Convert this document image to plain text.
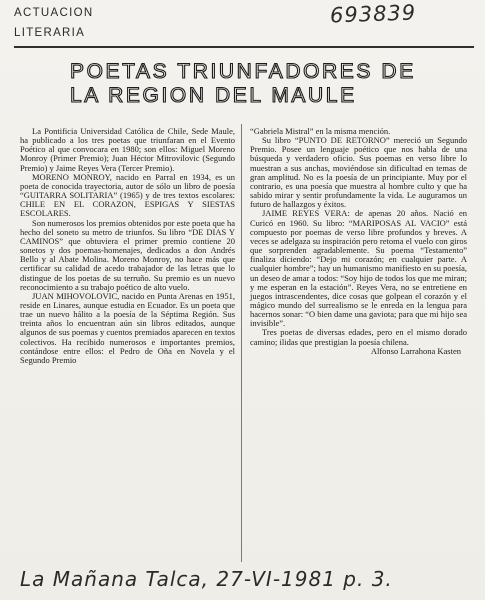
ACTUACION
LITERARIA
693839
POETAS TRIUNFADORES DE
LA REGION DEL MAULE

La Pontificia Universidad Católica de Chile, Sede Maule, ha publicado a los tres poetas que triunfaran en el Evento Poético al que convocara en 1980; son ellos: Miguel Moreno Monroy (Primer Premio); Juan Héctor Mitrovilovic (Segundo Premio) y Jaime Reyes Vera (Tercer Premio).

MORENO MONROY, nacido en Parral en 1934, es un poeta de conocida trayectoria, autor de sólo un libro de poesía “GUITARRA SOLITARIA” (1965) y de tres textos escolares: CHILE EN EL CORAZON, ESPIGAS Y SIESTAS ESCOLARES.

Son numerosos los premios obtenidos por este poeta que ha hecho del soneto su metro de triunfos. Su libro “DE DIAS Y CAMINOS” que obtuviera el primer premio contiene 20 sonetos y dos poemas-homenajes, dedicados a don Andrés Bello y al Abate Molina. Moreno Monroy, no hace más que certificar su calidad de acedo trabajador de las letras que lo distingue de los poetas de su terruño. Su premio es un nuevo reconocimiento a su trabajo poético de alto vuelo.

JUAN MIHOVOLOVIC, nacido en Punta Arenas en 1951, reside en Linares, aunque estudia en Ecuador. Es un poeta que trae un nuevo hálito a la poesía de la Séptima Región. Sus treinta años lo encuentran aún sin libros editados, aunque algunos de sus poemas y cuentos premiados aparecen en textos colectivos. Ha recibido numerosos e importantes premios, contándose entre ellos: el Pedro de Oña en Novela y el Segundo Premio

“Gabriela Mistral” en la misma mención.

Su libro “PUNTO DE RETORNO” mereció un Segundo Premio. Posee un lenguaje poético que nos habla de una búsqueda y verdadero oficio. Sus poemas en verso libre lo muestran a sus anchas, moviéndose sin dificultad en temas de gran amplitud. No es la poesía de un principiante. Muy por el contrario, es una poesía que muestra al hombre culto y que ha sabido mirar y sentir profundamente la vida. Le auguramos un futuro de hallazgos y éxitos.

JAIME REYES VERA: de apenas 20 años. Nació en Curicó en 1960. Su libro: “MARIPOSAS AL VACIO” está compuesto por poemas de verso libre profundos y breves. A veces se adelgaza su inspiración pero retoma el vuelo con giros que sorprenden agradablemente. Su poema “Testamento” finaliza diciendo: “Dejo mi corazón; en cualquier parte. A cualquier hombre”; hay un humanismo manifiesto en su poesía, un deseo de amar a todos: “Soy hijo de todos los que me miran; y me esperan en la estación”. Reyes Vera, no se entretiene en juegos intrascendentes, dice cosas que golpean el corazón y el mágico mundo del surrealismo se le enreda en la lengua para hacernos sonar: “O bien dame una gaviota; para que mi hijo sea invisible”.

Tres poetas de diversas edades, pero en el mismo dorado camino; ilidas que prestigian la poesía chilena.

Alfonso Larrahona Kasten

La Mañana Talca, 27-VI-1981 p. 3.
